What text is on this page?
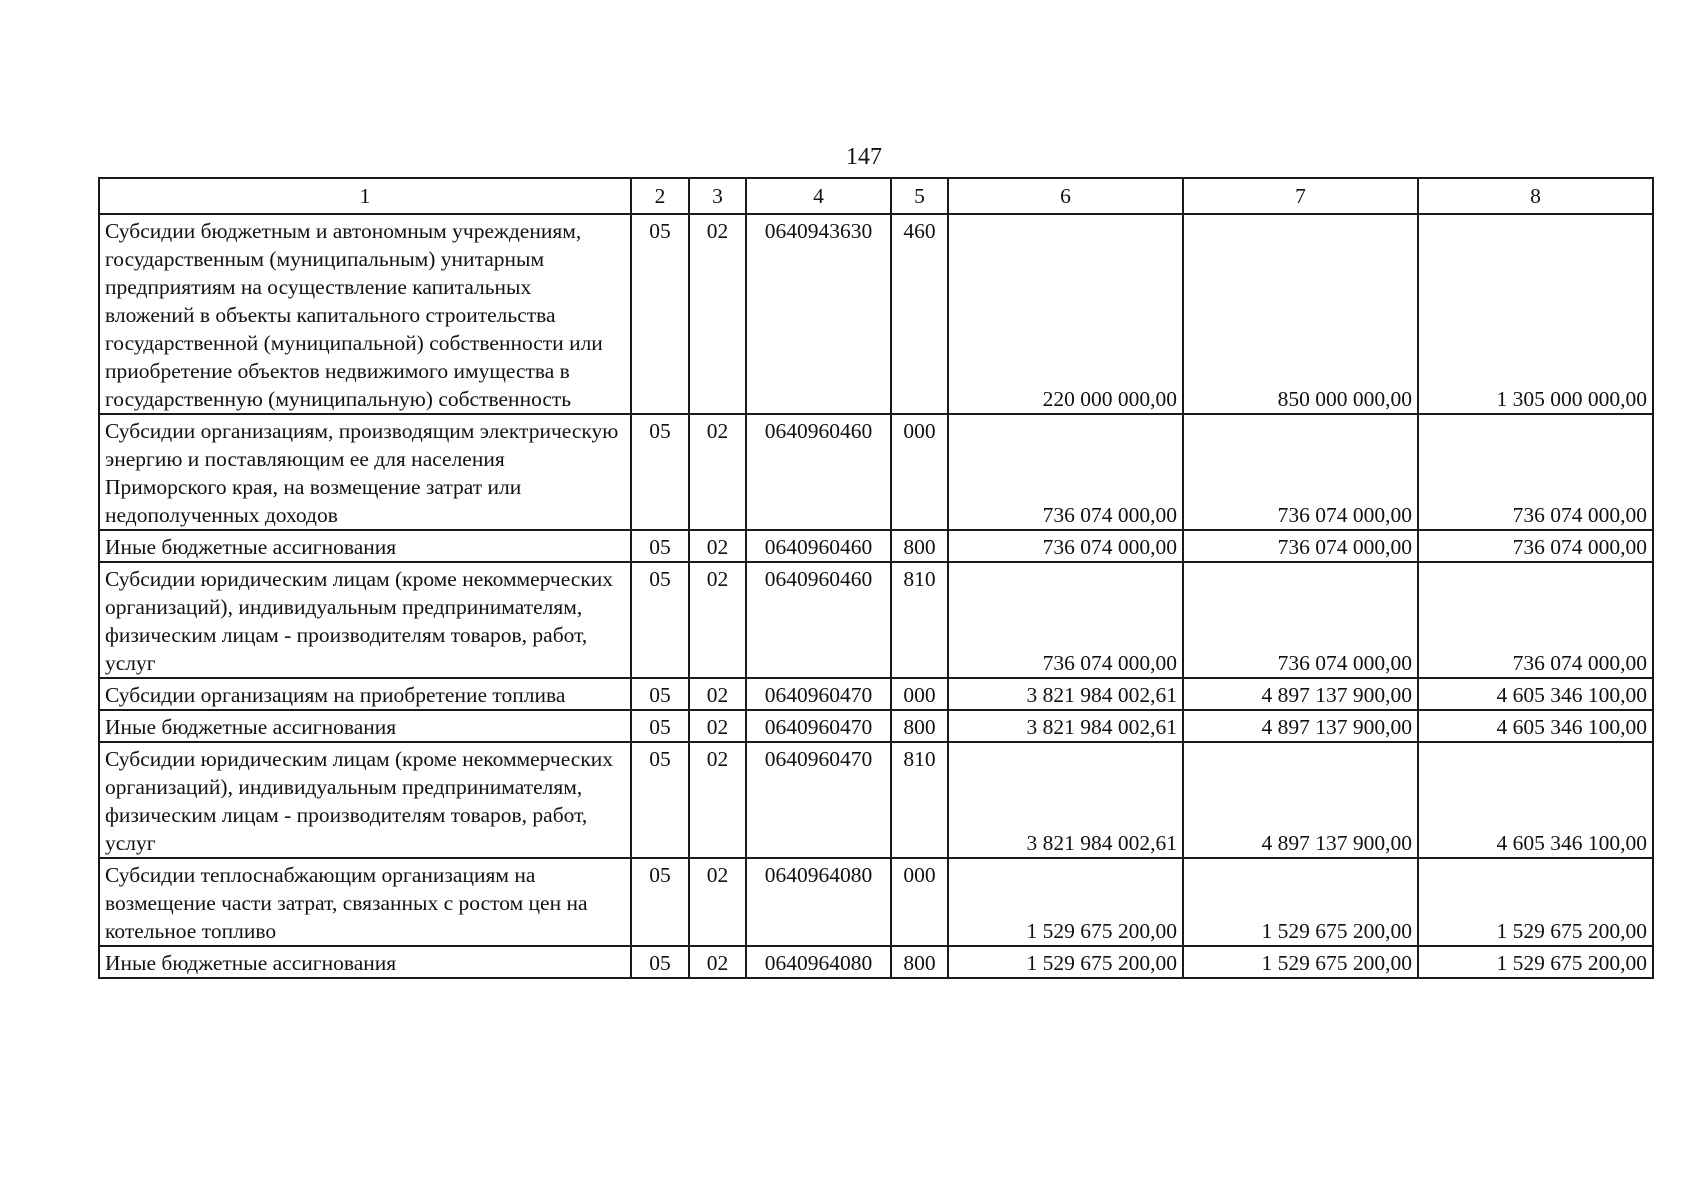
147
1	2	3	4	5	6	7	8
Субсидии бюджетным и автономным учреждениям, государственным (муниципальным) унитарным предприятиям на осуществление капитальных вложений в объекты капитального строительства государственной (муниципальной) собственности или приобретение объектов недвижимого имущества в государственную (муниципальную) собственность	05	02	0640943630	460	220 000 000,00	850 000 000,00	1 305 000 000,00
Субсидии организациям, производящим электрическую энергию и поставляющим ее для населения Приморского края, на возмещение затрат или недополученных доходов	05	02	0640960460	000	736 074 000,00	736 074 000,00	736 074 000,00
Иные бюджетные ассигнования	05	02	0640960460	800	736 074 000,00	736 074 000,00	736 074 000,00
Субсидии юридическим лицам (кроме некоммерческих организаций), индивидуальным предпринимателям, физическим лицам - производителям товаров, работ, услуг	05	02	0640960460	810	736 074 000,00	736 074 000,00	736 074 000,00
Субсидии организациям на приобретение топлива	05	02	0640960470	000	3 821 984 002,61	4 897 137 900,00	4 605 346 100,00
Иные бюджетные ассигнования	05	02	0640960470	800	3 821 984 002,61	4 897 137 900,00	4 605 346 100,00
Субсидии юридическим лицам (кроме некоммерческих организаций), индивидуальным предпринимателям, физическим лицам - производителям товаров, работ, услуг	05	02	0640960470	810	3 821 984 002,61	4 897 137 900,00	4 605 346 100,00
Субсидии теплоснабжающим организациям на возмещение части затрат, связанных с ростом цен на котельное топливо	05	02	0640964080	000	1 529 675 200,00	1 529 675 200,00	1 529 675 200,00
Иные бюджетные ассигнования	05	02	0640964080	800	1 529 675 200,00	1 529 675 200,00	1 529 675 200,00
